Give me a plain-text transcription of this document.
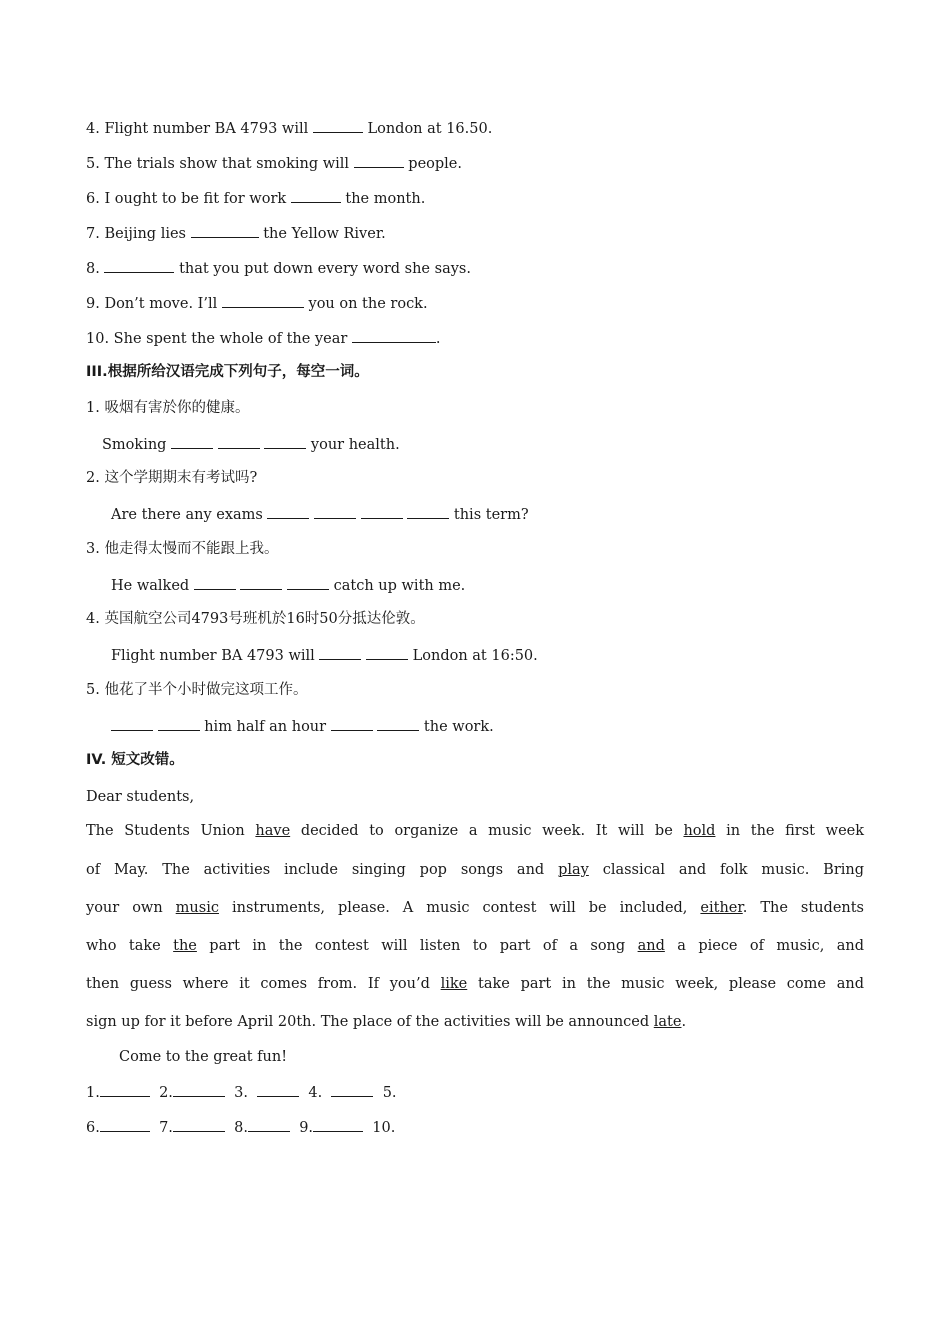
4. Flight number BA 4793 will	London at 16.50.
5. The trials show that smoking will	people.
6. I ought to be fit for work	the month.
7. Beijing lies	the Yellow River.
8.	that you put down every word she says.
9. Don’t move. I’ll	you on the rock.
10. She spent the whole of the year	.
III.根据所给汉语完成下列句子，每空一词。
1. 吸烟有害於你的健康。
Smoking	your health.
2. 这个学期期末有考试吗?
Are there any exams	this term?
3. 他走得太慢而不能跟上我。
He walked	catch up with me.
4. 英国航空公司4793号班机於16时50分抵达伦敦。
Flight number BA 4793 will	London at 16:50.
5. 他花了半个小时做完这项工作。
him half an hour	the work.
IV. 短文改错。
Dear students,
The Students Union have decided to organize a music week. It will be hold in the first week
of May. The activities include singing pop songs and play classical and folk music. Bring
your own music instruments, please. A music contest will be included, either. The students
who take the part in the contest will listen to part of a song and a piece of music, and
then guess where it comes from. If you’d like take part in the music week, please come and
sign up for it before April 20th. The place of the activities will be announced late.
Come to the great fun!
1.	2.	3.	4.	5.
6.	7.	8.	9.	10.
